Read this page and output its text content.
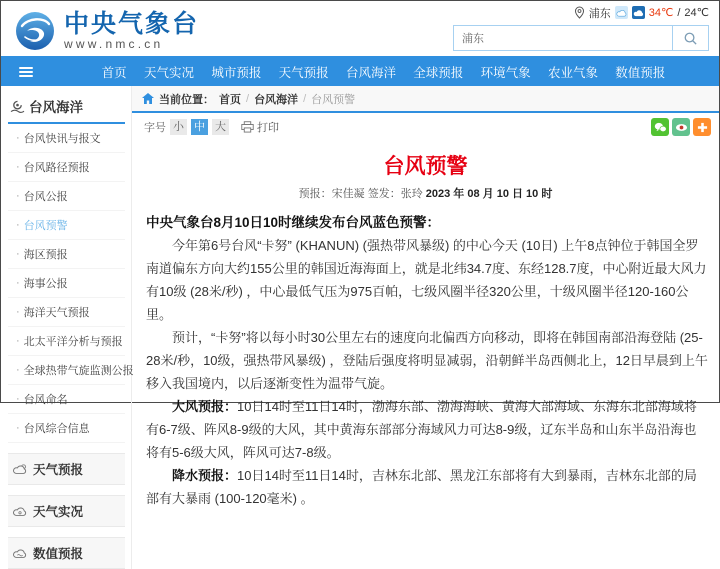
中央气象台
www.nmc.cn
浦东	34℃ / 24℃
浦东
首页 天气实况 城市预报 天气预报 台风海洋 全球预报 环境气象 农业气象 数值预报
台风海洋
· 台风快讯与报文
· 台风路径预报
· 台风公报
· 台风预警
· 海区预报
· 海事公报
· 海洋天气预报
· 北太平洋分析与预报
· 全球热带气旋监测公报
· 台风命名
· 台风综合信息
天气预报
天气实况
数值预报
当前位置： 首页 / 台风海洋 / 台风预警
字号 小 中 大	打印
台风预警
预报：宋佳凝 签发：张玲 2023 年 08 月 10 日 10 时

中央气象台8月10日10时继续发布台风蓝色预警：

今年第6号台风“卡努” (KHANUN) (强热带风暴级) 的中心今天 (10日) 上午8点钟位于韩国全罗南道偏东方向大约155公里的韩国近海海面上，就是北纬34.7度、东经128.7度，中心附近最大风力有10级 (28米/秒) ，中心最低气压为975百帕，七级风圈半径320公里，十级风圈半径120-160公里。

预计，“卡努”将以每小时30公里左右的速度向北偏西方向移动，即将在韩国南部沿海登陆 (25-28米/秒，10级，强热带风暴级) ，登陆后强度将明显减弱，沿朝鲜半岛西侧北上，12日早晨到上午移入我国境内，以后逐渐变性为温带气旋。

大风预报：10日14时至11日14时，渤海东部、渤海海峡、黄海大部海域、东海东北部海域将有6-7级、阵风8-9级的大风，其中黄海东部部分海域风力可达8-9级，辽东半岛和山东半岛沿海也将有5-6级大风，阵风可达7-8级。

降水预报：10日14时至11日14时，吉林东北部、黑龙江东部将有大到暴雨，吉林东北部的局部有大暴雨 (100-120毫米) 。
